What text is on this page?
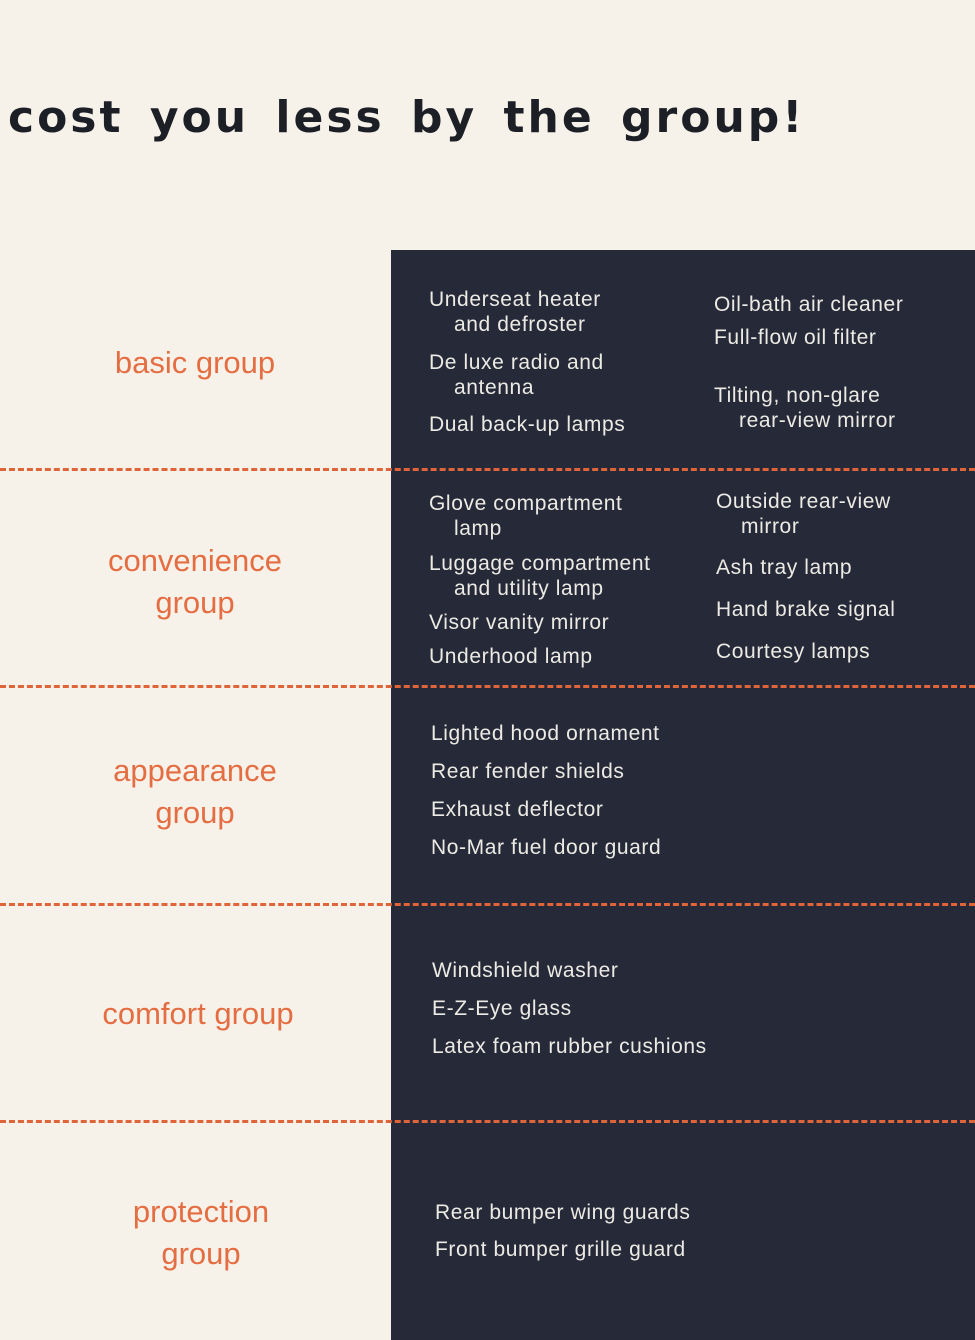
cost you less by the group!

basic group

Underseat heater
and defroster
De luxe radio and
antenna
Dual back-up lamps
Oil-bath air cleaner
Full-flow oil filter
Tilting, non-glare
rear-view mirror

convenience
group

Glove compartment
lamp
Luggage compartment
and utility lamp
Visor vanity mirror
Underhood lamp
Outside rear-view
mirror
Ash tray lamp
Hand brake signal
Courtesy lamps

appearance
group

Lighted hood ornament
Rear fender shields
Exhaust deflector
No-Mar fuel door guard

comfort group

Windshield washer
E-Z-Eye glass
Latex foam rubber cushions

protection
group

Rear bumper wing guards
Front bumper grille guard
